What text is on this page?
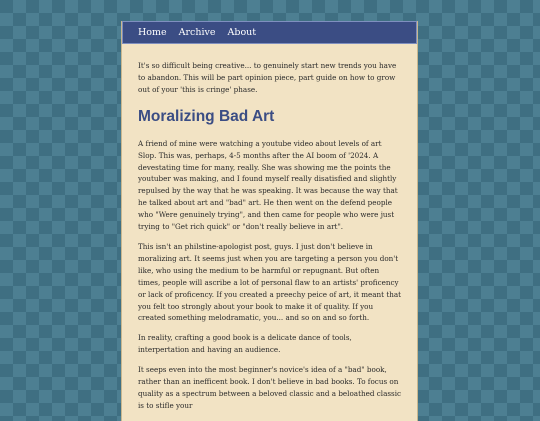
Home Archive About

It's so difficult being creative... to genuinely start new trends you have to abandon. This will be part opinion piece, part guide on how to grow out of your 'this is cringe' phase.

Moralizing Bad Art

A friend of mine were watching a youtube video about levels of art Slop. This was, perhaps, 4-5 months after the AI boom of '2024. A devestating time for many, really. She was showing me the points the youtuber was making, and I found myself really disatisfied and slightly repulsed by the way that he was speaking. It was because the way that he talked about art and "bad" art. He then went on the defend people who "Were genuinely trying", and then came for people who were just trying to "Get rich quick" or "don't really believe in art".

This isn't an philstine-apologist post, guys. I just don't believe in moralizing art. It seems just when you are targeting a person you don't like, who using the medium to be harmful or repugnant. But often times, people will ascribe a lot of personal flaw to an artists' proficency or lack of proficency. If you created a preechy peice of art, it meant that you felt too strongly about your book to make it of quality. If you created something melodramatic, you... and so on and so forth.

In reality, crafting a good book is a delicate dance of tools, interpertation and having an audience.

It seeps even into the most beginner's novice's idea of a "bad" book, rather than an inefficent book. I don't believe in bad books. To focus on quality as a spectrum between a beloved classic and a beloathed classic is to stifle your
